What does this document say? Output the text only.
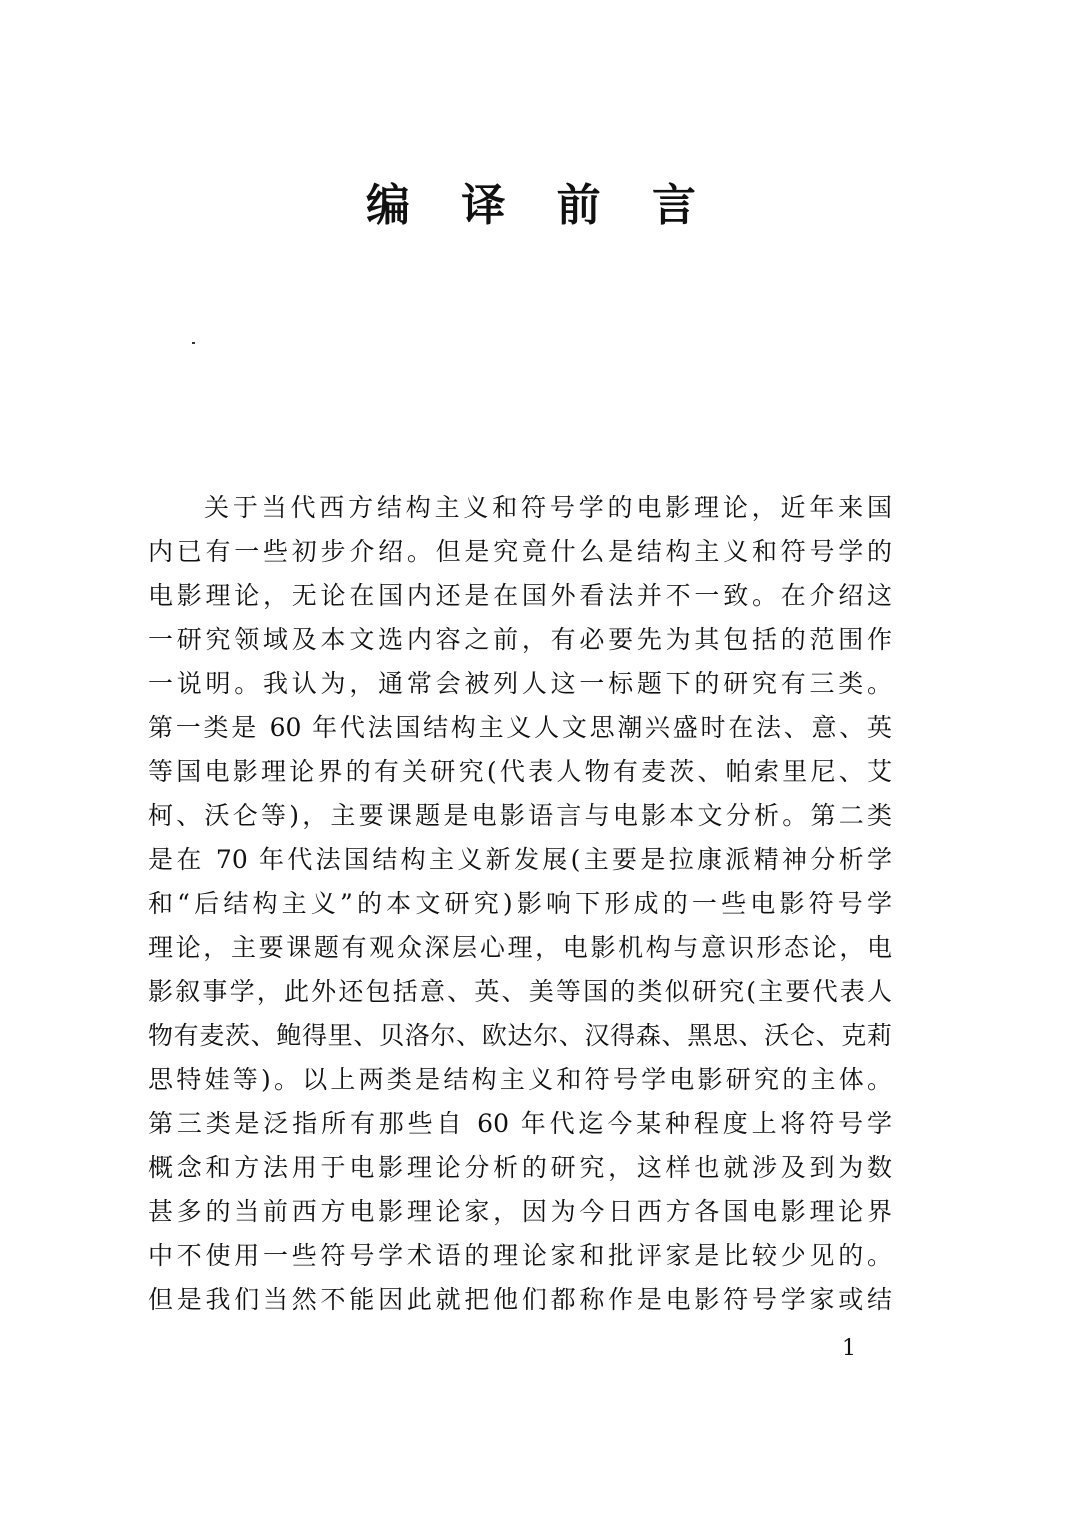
编 译 前 言
关于当代西方结构主义和符号学的电影理论，近年来国
内已有一些初步介绍。但是究竟什么是结构主义和符号学的
电影理论，无论在国内还是在国外看法并不一致。在介绍这
一研究领域及本文选内容之前，有必要先为其包括的范围作
一说明。我认为，通常会被列人这一标题下的研究有三类。
第一类是 60 年代法国结构主义人文思潮兴盛时在法、意、英
等国电影理论界的有关研究(代表人物有麦茨、帕索里尼、艾
柯、沃仑等)，主要课题是电影语言与电影本文分析。第二类
是在 70 年代法国结构主义新发展(主要是拉康派精神分析学
和“后结构主义”的本文研究)影响下形成的一些电影符号学
理论，主要课题有观众深层心理，电影机构与意识形态论，电
影叙事学，此外还包括意、英、美等国的类似研究(主要代表人
物有麦茨、鲍得里、贝洛尔、欧达尔、汉得森、黑思、沃仑、克莉
思特娃等)。以上两类是结构主义和符号学电影研究的主体。
第三类是泛指所有那些自 60 年代迄今某种程度上将符号学
概念和方法用于电影理论分析的研究，这样也就涉及到为数
甚多的当前西方电影理论家，因为今日西方各国电影理论界
中不使用一些符号学术语的理论家和批评家是比较少见的。
但是我们当然不能因此就把他们都称作是电影符号学家或结
1
